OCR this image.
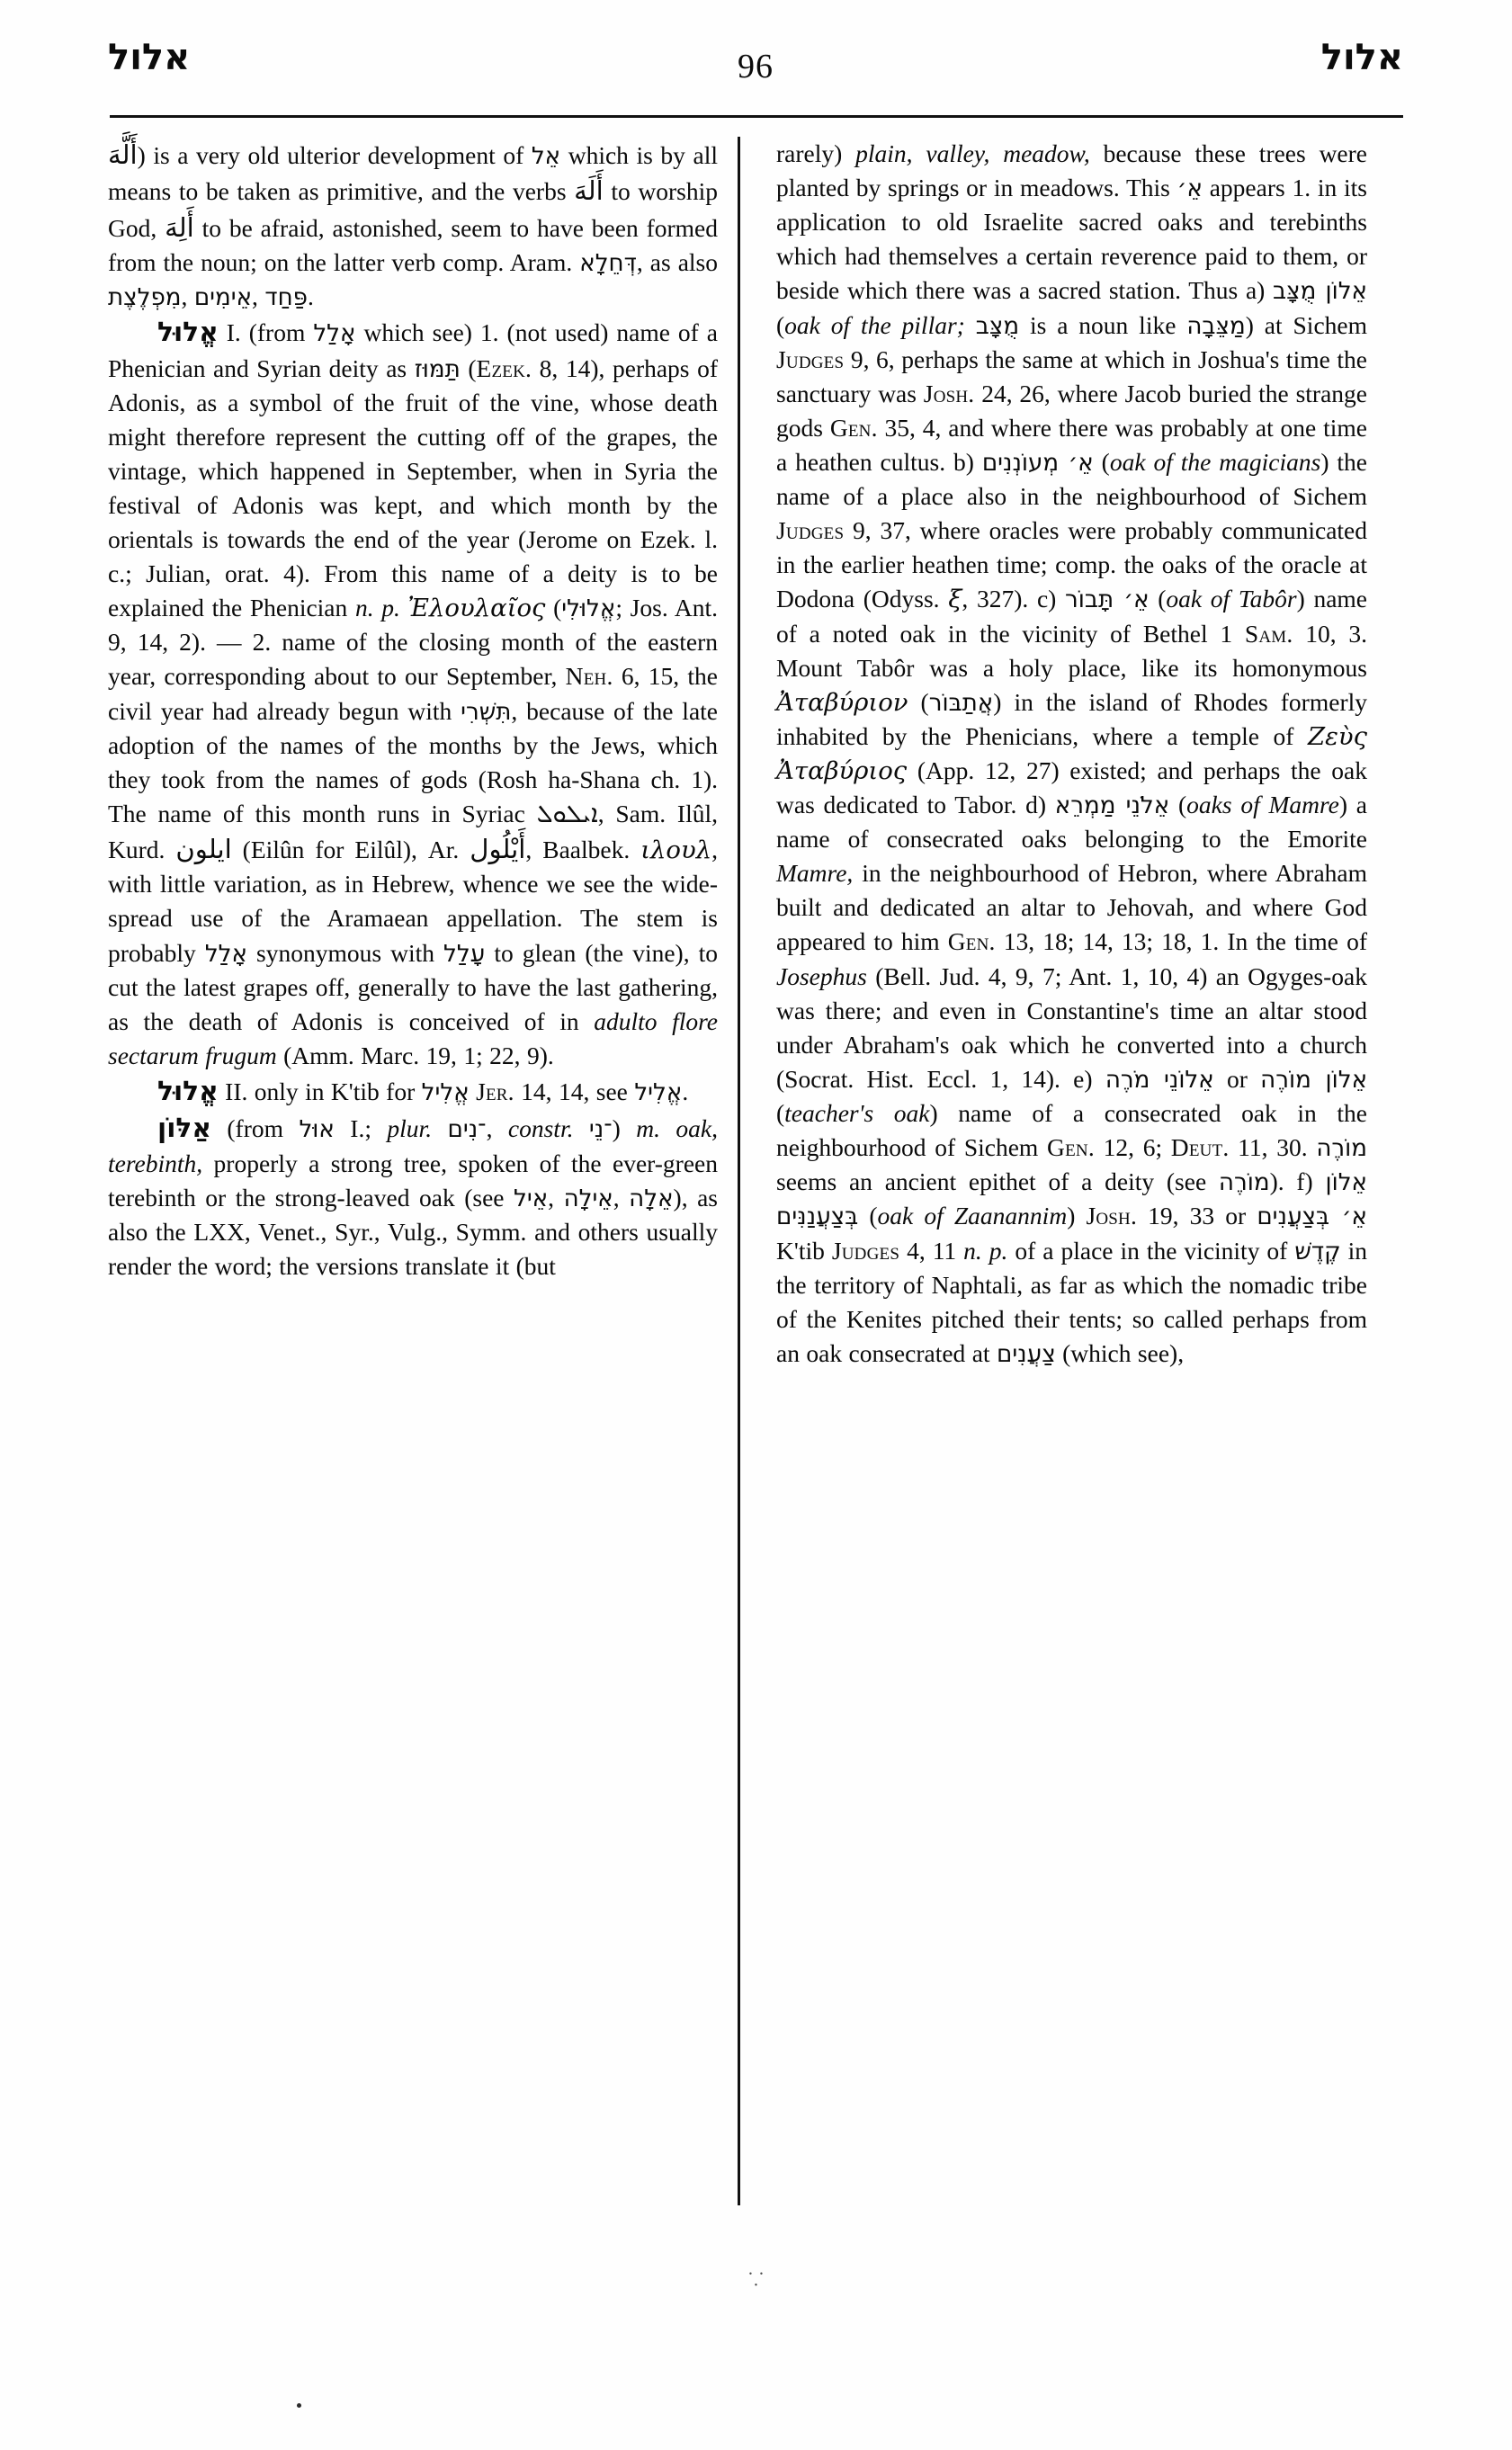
אלול	96	אלול

أَلَّهَ) is a very old ulterior development of אֵל which is by all means to be taken as primitive, and the verbs أَلَهَ to worship God, أَلِهَ to be afraid, astonished, seem to have been formed from the noun; on the latter verb comp. Aram. דְּחֵלָא, as also מִפְלֶצֶת, אֵימִים, פַּחַד.

אֱלוּל I. (from אָלַל which see) 1. (not used) name of a Phenician and Syrian deity as תַּמּוּז (Ezek. 8, 14), perhaps of Adonis, as a symbol of the fruit of the vine, whose death might therefore represent the cutting off of the grapes, the vintage, which happened in September, when in Syria the festival of Adonis was kept, and which month by the orientals is towards the end of the year (Jerome on Ezek. l. c.; Julian, orat. 4). From this name of a deity is to be explained the Phenician n. p. Ἐλουλαῖος (אֱלוּלִי; Jos. Ant. 9, 14, 2). — 2. name of the closing month of the eastern year, corresponding about to our September, Neh. 6, 15, the civil year had already begun with תִּשְׁרִי, because of the late adoption of the names of the months by the Jews, which they took from the names of gods (Rosh ha-Shana ch. 1). The name of this month runs in Syriac ܐܝܠܘܠ, Sam. Ilûl, Kurd. ايلون (Eilûn for Eilûl), Ar. أَيْلُول, Baalbek. ιλουλ, with little variation, as in Hebrew, whence we see the wide-spread use of the Aramaean appellation. The stem is probably אָלַל synonymous with עָלַל to glean (the vine), to cut the latest grapes off, generally to have the last gathering, as the death of Adonis is conceived of in adulto flore sectarum frugum (Amm. Marc. 19, 1; 22, 9).

אֱלוּל II. only in K'tib for אֱלִיל Jer. 14, 14, see אֱלִיל.

אַלּוֹן (from אוּל I.; plur. ־נִים, constr. ־נֵי) m. oak, terebinth, properly a strong tree, spoken of the ever-green terebinth or the strong-leaved oak (see אֵיל, אֵילָה, אֵלָה), as also the LXX, Venet., Syr., Vulg., Symm. and others usually render the word; the versions translate it (but

rarely) plain, valley, meadow, because these trees were planted by springs or in meadows. This אֵ׳ appears 1. in its application to old Israelite sacred oaks and terebinths which had themselves a certain reverence paid to them, or beside which there was a sacred station. Thus a) אֵלוֹן מֻצָּב (oak of the pillar; מֻצָּב is a noun like מַצֵּבָה) at Sichem Judges 9, 6, perhaps the same at which in Joshua's time the sanctuary was Josh. 24, 26, where Jacob buried the strange gods Gen. 35, 4, and where there was probably at one time a heathen cultus. b) אֵ׳ מְעוֹנְנִים (oak of the magicians) the name of a place also in the neighbourhood of Sichem Judges 9, 37, where oracles were probably communicated in the earlier heathen time; comp. the oaks of the oracle at Dodona (Odyss. ξ, 327). c) אֵ׳ תָּבוֹר (oak of Tabôr) name of a noted oak in the vicinity of Bethel 1 Sam. 10, 3. Mount Tabôr was a holy place, like its homonymous Ἀταβύριον (אֲתַבּוֹר) in the island of Rhodes formerly inhabited by the Phenicians, where a temple of Ζεὺς Ἀταβύριος (App. 12, 27) existed; and perhaps the oak was dedicated to Tabor. d) אֵלֹנֵי מַמְרֵא (oaks of Mamre) a name of consecrated oaks belonging to the Emorite Mamre, in the neighbourhood of Hebron, where Abraham built and dedicated an altar to Jehovah, and where God appeared to him Gen. 13, 18; 14, 13; 18, 1. In the time of Josephus (Bell. Jud. 4, 9, 7; Ant. 1, 10, 4) an Ogyges-oak was there; and even in Constantine's time an altar stood under Abraham's oak which he converted into a church (Socrat. Hist. Eccl. 1, 14). e) אֵלוֹנֵי מֹרֶה or אֵלוֹן מוֹרֶה (teacher's oak) name of a consecrated oak in the neighbourhood of Sichem Gen. 12, 6; Deut. 11, 30. מוֹרֶה seems an ancient epithet of a deity (see מוֹרֶה). f) אֵלוֹן בְּצַעֲנַנִּים (oak of Zaanannim) Josh. 19, 33 or אֵ׳ בְּצַעֲנִים K'tib Judges 4, 11 n. p. of a place in the vicinity of קֶדֶשׁ in the territory of Naphtali, as far as which the nomadic tribe of the Kenites pitched their tents; so called perhaps from an oak consecrated at צַעֲנִים (which see),

⸪
